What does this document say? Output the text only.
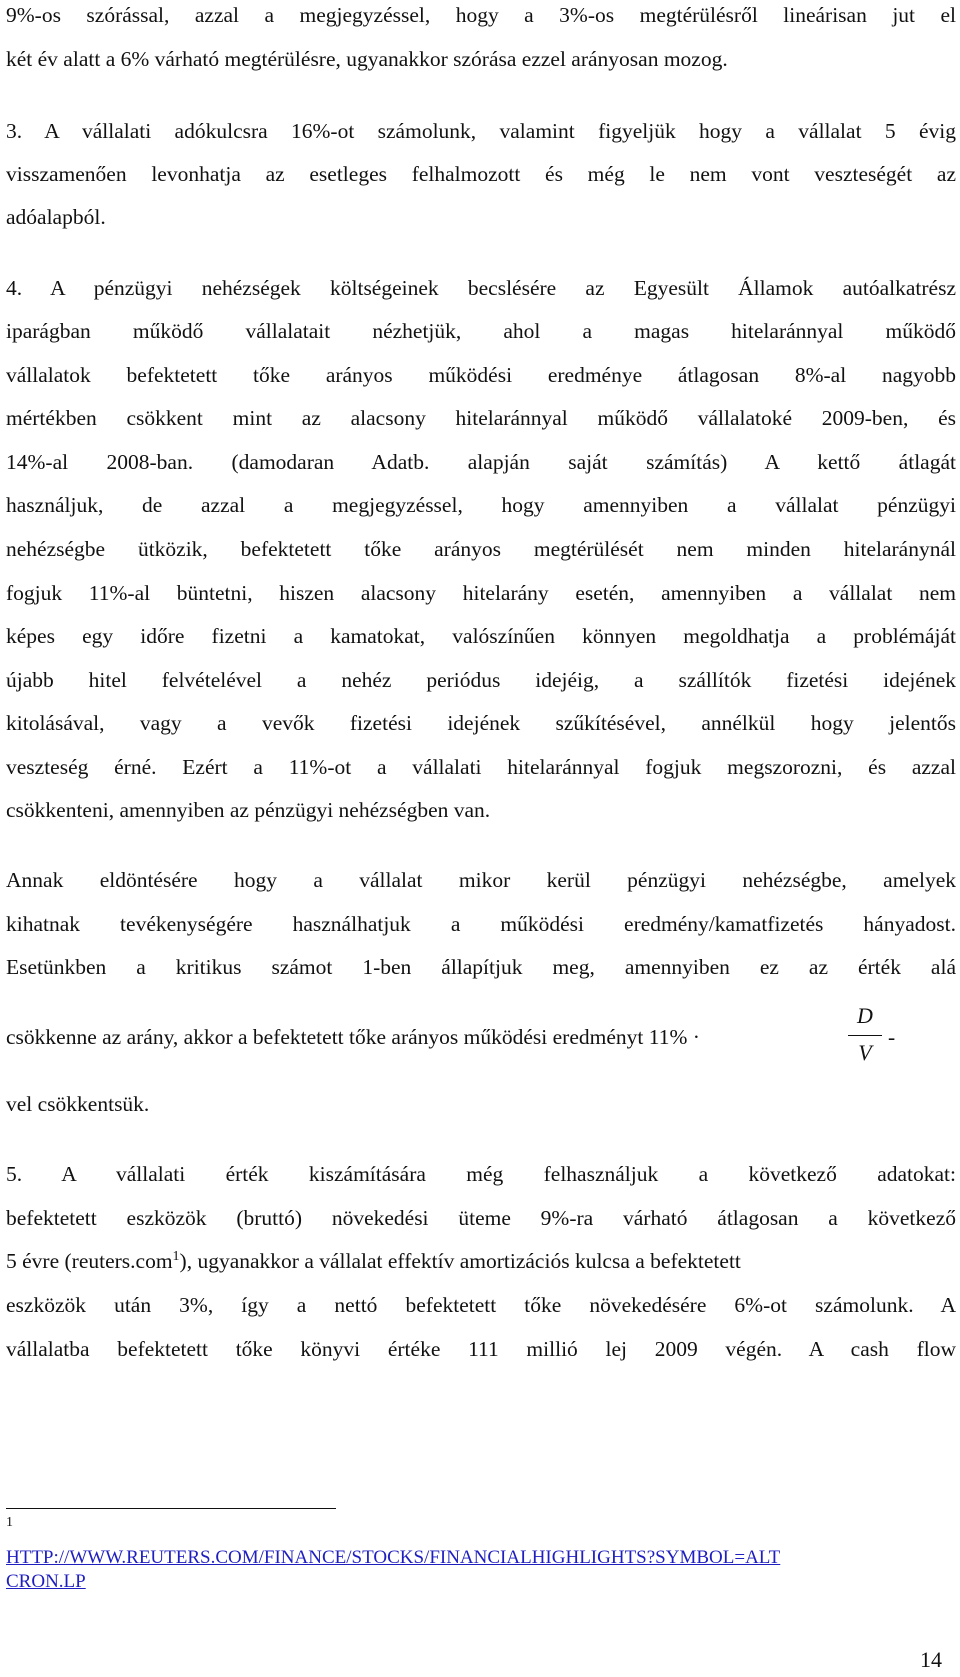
9%-os szórással, azzal a megjegyzéssel, hogy a 3%-os megtérülésről lineárisan jut el
két év alatt a 6% várható megtérülésre, ugyanakkor szórása ezzel arányosan mozog.
3. A vállalati adókulcsra 16%-ot számolunk, valamint figyeljük hogy a vállalat 5 évig
visszamenően levonhatja az esetleges felhalmozott és még le nem vont veszteségét az
adóalapból.
4. A pénzügyi nehézségek költségeinek becslésére az Egyesült Államok autóalkatrész
iparágban működő vállalatait nézhetjük, ahol a magas hitelaránnyal működő
vállalatok befektetett tőke arányos működési eredménye átlagosan 8%-al nagyobb
mértékben csökkent mint az alacsony hitelaránnyal működő vállalatoké 2009-ben, és
14%-al 2008-ban. (damodaran Adatb. alapján saját számítás) A kettő átlagát
használjuk, de azzal a megjegyzéssel, hogy amennyiben a vállalat pénzügyi
nehézségbe ütközik, befektetett tőke arányos megtérülését nem minden hitelaránynál
fogjuk 11%-al büntetni, hiszen alacsony hitelarány esetén, amennyiben a vállalat nem
képes egy időre fizetni a kamatokat, valószínűen könnyen megoldhatja a problémáját
újabb hitel felvételével a nehéz periódus idejéig, a szállítók fizetési idejének
kitolásával, vagy a vevők fizetési idejének szűkítésével, annélkül hogy jelentős
veszteség érné. Ezért a 11%-ot a vállalati hitelaránnyal fogjuk megszorozni, és azzal
csökkenteni, amennyiben az pénzügyi nehézségben van.
Annak eldöntésére hogy a vállalat mikor kerül pénzügyi nehézségbe, amelyek
kihatnak tevékenységére használhatjuk a működési eredmény/kamatfizetés hányadost.
Esetünkben a kritikus számot 1-ben állapítjuk meg, amennyiben ez az érték alá
csökkenne az arány, akkor a befektetett tőke arányos működési eredményt 11% ·
D
V
-
vel csökkentsük.
5. A vállalati érték kiszámítására még felhasználjuk a következő adatokat:
befektetett eszközök (bruttó) növekedési üteme 9%-ra várható átlagosan a következő
5 évre (reuters.com$^1$), ugyanakkor a vállalat effektív amortizációs kulcsa a befektetett
eszközök után 3%, így a nettó befektetett tőke növekedésére 6%-ot számolunk. A
vállalatba befektetett tőke könyvi értéke 111 millió lej 2009 végén. A cash flow
1
HTTP://WWW.REUTERS.COM/FINANCE/STOCKS/FINANCIALHIGHLIGHTS?SYMBOL=ALT
CRON.LP
14
